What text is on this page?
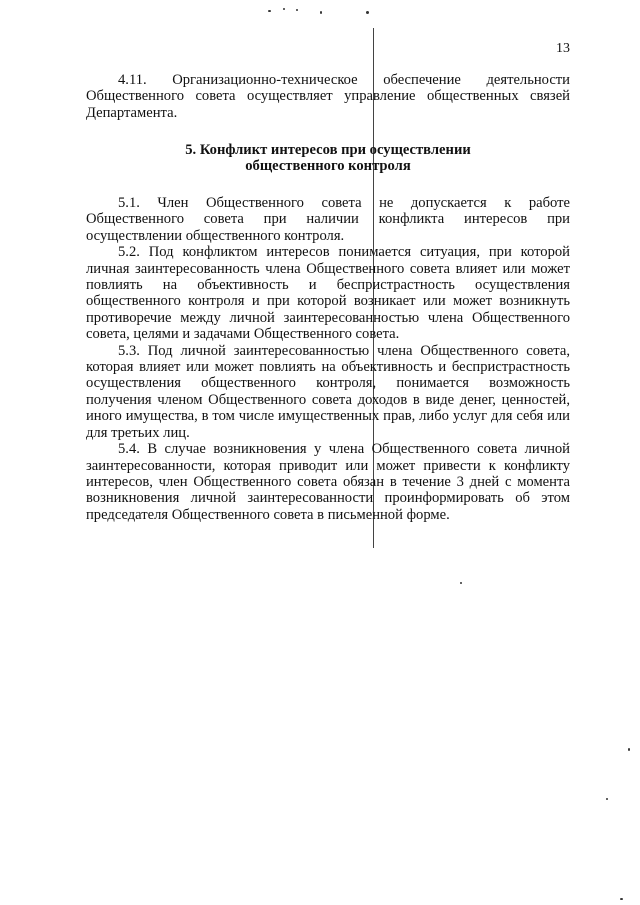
13

4.11. Организационно-техническое обеспечение деятельности Общественного совета осуществляет управление общественных связей Департамента.

5. Конфликт интересов при осуществлении
общественного контроля

5.1. Член Общественного совета не допускается к работе Общественного совета при наличии конфликта интересов при осуществлении общественного контроля.

5.2. Под конфликтом интересов понимается ситуация, при которой личная заинтересованность члена Общественного совета влияет или может повлиять на объективность и беспристрастность осуществления общественного контроля и при которой возникает или может возникнуть противоречие между личной заинтересованностью члена Общественного совета, целями и задачами Общественного совета.

5.3. Под личной заинтересованностью члена Общественного совета, которая влияет или может повлиять на объективность и беспристрастность осуществления общественного контроля, понимается возможность получения членом Общественного совета доходов в виде денег, ценностей, иного имущества, в том числе имущественных прав, либо услуг для себя или для третьих лиц.

5.4. В случае возникновения у члена Общественного совета личной заинтересованности, которая приводит или может привести к конфликту интересов, член Общественного совета обязан в течение 3 дней с момента возникновения личной заинтересованности проинформировать об этом председателя Общественного совета в письменной форме.
